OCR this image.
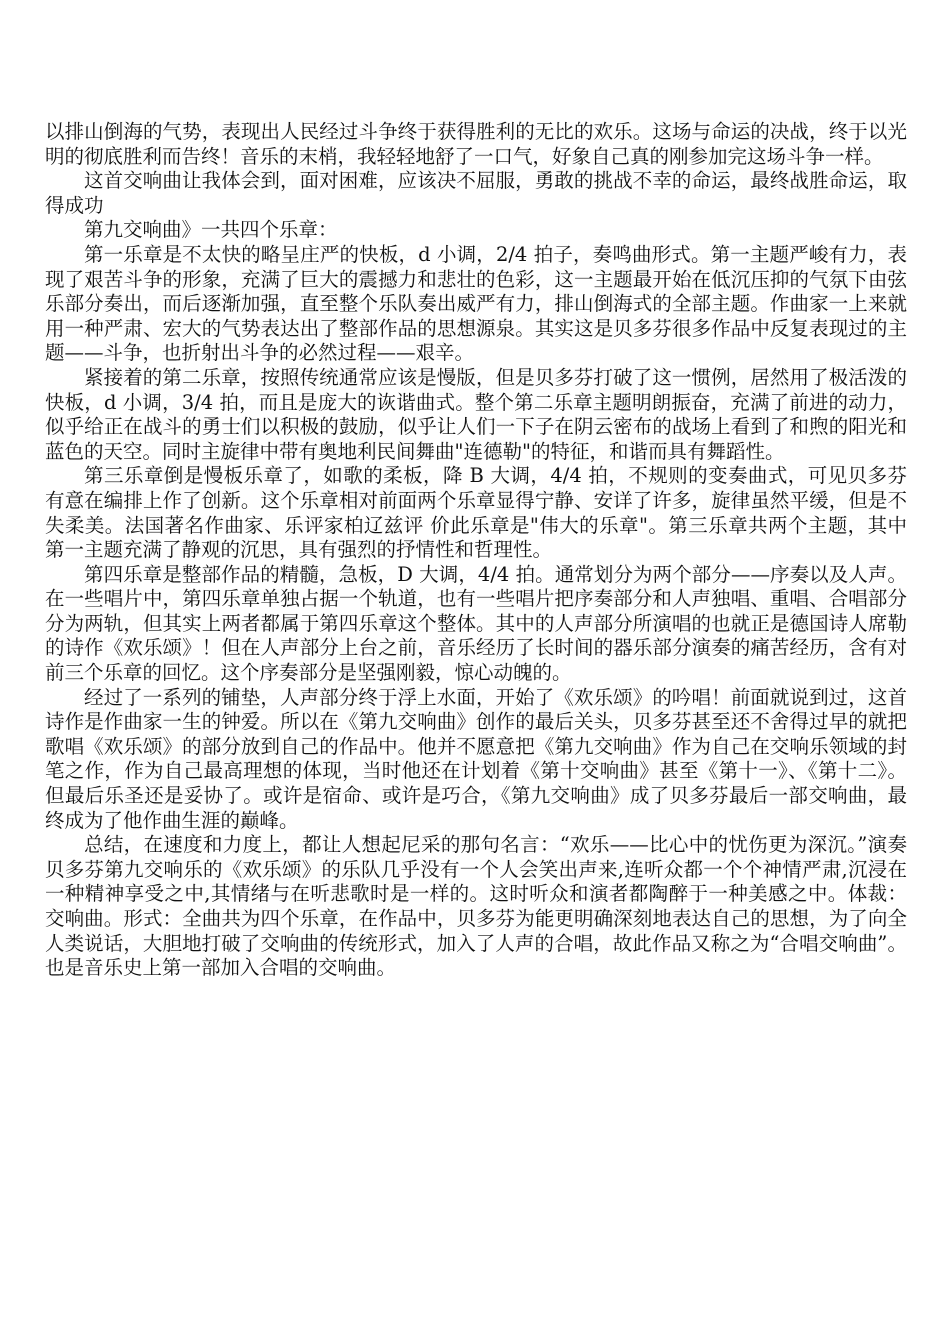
以排山倒海的气势，表现出人民经过斗争终于获得胜利的无比的欢乐。这场与命运的决战，终于以光明的彻底胜利而告终！音乐的末梢，我轻轻地舒了一口气，好象自己真的刚参加完这场斗争一样。

这首交响曲让我体会到，面对困难，应该决不屈服，勇敢的挑战不幸的命运，最终战胜命运，取得成功

第九交响曲》一共四个乐章：

第一乐章是不太快的略呈庄严的快板，d 小调，2/4 拍子，奏鸣曲形式。第一主题严峻有力，表现了艰苦斗争的形象，充满了巨大的震撼力和悲壮的色彩，这一主题最开始在低沉压抑的气氛下由弦乐部分奏出，而后逐渐加强，直至整个乐队奏出威严有力，排山倒海式的全部主题。作曲家一上来就用一种严肃、宏大的气势表达出了整部作品的思想源泉。其实这是贝多芬很多作品中反复表现过的主题——斗争，也折射出斗争的必然过程——艰辛。

紧接着的第二乐章，按照传统通常应该是慢版，但是贝多芬打破了这一惯例，居然用了极活泼的快板，d 小调，3/4 拍，而且是庞大的诙谐曲式。整个第二乐章主题明朗振奋，充满了前进的动力，似乎给正在战斗的勇士们以积极的鼓励，似乎让人们一下子在阴云密布的战场上看到了和煦的阳光和蓝色的天空。同时主旋律中带有奥地利民间舞曲"连德勒"的特征，和谐而具有舞蹈性。

第三乐章倒是慢板乐章了，如歌的柔板，降 B 大调，4/4 拍，不规则的变奏曲式，可见贝多芬有意在编排上作了创新。这个乐章相对前面两个乐章显得宁静、安详了许多，旋律虽然平缓，但是不失柔美。法国著名作曲家、乐评家柏辽兹评 价此乐章是"伟大的乐章"。第三乐章共两个主题，其中第一主题充满了静观的沉思，具有强烈的抒情性和哲理性。

第四乐章是整部作品的精髓，急板，D 大调，4/4 拍。通常划分为两个部分——序奏以及人声。在一些唱片中，第四乐章单独占据一个轨道，也有一些唱片把序奏部分和人声独唱、重唱、合唱部分分为两轨，但其实上两者都属于第四乐章这个整体。其中的人声部分所演唱的也就正是德国诗人席勒的诗作《欢乐颂》！但在人声部分上台之前，音乐经历了长时间的器乐部分演奏的痛苦经历，含有对前三个乐章的回忆。这个序奏部分是坚强刚毅，惊心动魄的。

经过了一系列的铺垫，人声部分终于浮上水面，开始了《欢乐颂》的吟唱！前面就说到过，这首诗作是作曲家一生的钟爱。所以在《第九交响曲》创作的最后关头，贝多芬甚至还不舍得过早的就把歌唱《欢乐颂》的部分放到自己的作品中。他并不愿意把《第九交响曲》作为自己在交响乐领域的封笔之作，作为自己最高理想的体现，当时他还在计划着《第十交响曲》甚至《第十一》、《第十二》。但最后乐圣还是妥协了。或许是宿命、或许是巧合，《第九交响曲》成了贝多芬最后一部交响曲，最终成为了他作曲生涯的巅峰。

总结，在速度和力度上，都让人想起尼采的那句名言：“欢乐——比心中的忧伤更为深沉。”演奏贝多芬第九交响乐的《欢乐颂》的乐队几乎没有一个人会笑出声来,连听众都一个个神情严肃,沉浸在一种精神享受之中,其情绪与在听悲歌时是一样的。这时听众和演者都陶醉于一种美感之中。体裁：交响曲。形式：全曲共为四个乐章，在作品中，贝多芬为能更明确深刻地表达自己的思想，为了向全人类说话，大胆地打破了交响曲的传统形式，加入了人声的合唱，故此作品又称之为“合唱交响曲”。也是音乐史上第一部加入合唱的交响曲。
